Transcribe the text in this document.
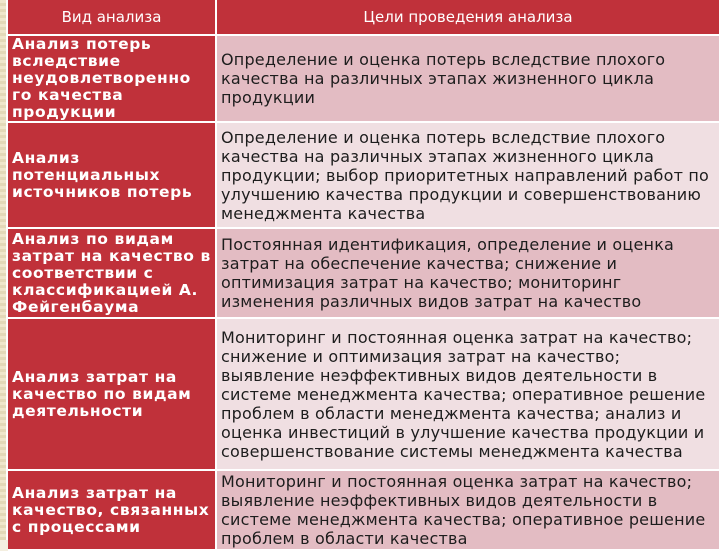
Вид анализа	Цели проведения анализа
Анализ потерь вследствие неудовлетворенно го качества продукции	Определение и оценка потерь вследствие плохого качества на различных этапах жизненного цикла продукции
Анализ потенциальных источников потерь	Определение и оценка потерь вследствие плохого качества на различных этапах жизненного цикла продукции; выбор приоритетных направлений работ по улучшению качества продукции и совершенствованию менеджмента качества
Анализ по видам затрат на качество в соответствии с классификацией А. Фейгенбаума	Постоянная идентификация, определение и оценка затрат на обеспечение качества; снижение и оптимизация затрат на качество; мониторинг изменения различных видов затрат на качество
Анализ затрат на качество по видам деятельности	Мониторинг и постоянная оценка затрат на качество; снижение и оптимизация затрат на качество; выявление неэффективных видов деятельности в системе менеджмента качества; оперативное решение проблем в области менеджмента качества; анализ и оценка инвестиций в улучшение качества продукции и совершенствование системы менеджмента качества
Анализ затрат на качество, связанных с процессами	Мониторинг и постоянная оценка затрат на качество; выявление неэффективных видов деятельности в системе менеджмента качества; оперативное решение проблем в области качества
